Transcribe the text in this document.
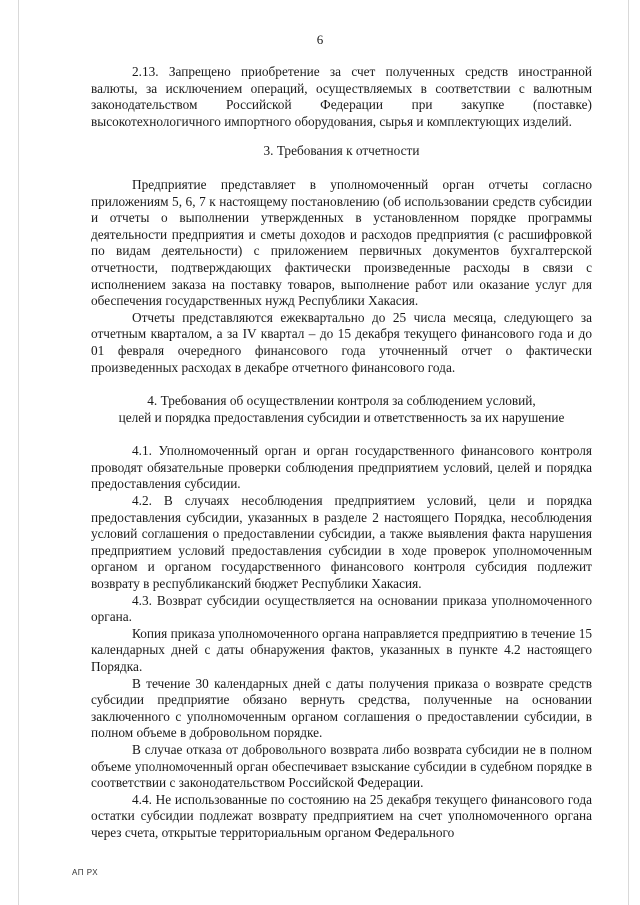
6

2.13. Запрещено приобретение за счет полученных средств иностранной валюты, за исключением операций, осуществляемых в соответствии с валютным законодательством Российской Федерации при закупке (поставке) высокотехнологичного импортного оборудования, сырья и комплектующих изделий.

3. Требования к отчетности

Предприятие представляет в уполномоченный орган отчеты согласно приложениям 5, 6, 7 к настоящему постановлению (об использовании средств субсидии и отчеты о выполнении утвержденных в установленном порядке программы деятельности предприятия и сметы доходов и расходов предприятия (с расшифровкой по видам деятельности) с приложением первичных документов бухгалтерской отчетности, подтверждающих фактически произведенные расходы в связи с исполнением заказа на поставку товаров, выполнение работ или оказание услуг для обеспечения государственных нужд Республики Хакасия.

Отчеты представляются ежеквартально до 25 числа месяца, следующего за отчетным кварталом, а за IV квартал – до 15 декабря текущего финансового года и до 01 февраля очередного финансового года уточненный отчет о фактически произведенных расходах в декабре отчетного финансового года.

4. Требования об осуществлении контроля за соблюдением условий,
целей и порядка предоставления субсидии и ответственность за их нарушение

4.1. Уполномоченный орган и орган государственного финансового контроля проводят обязательные проверки соблюдения предприятием условий, целей и порядка предоставления субсидии.

4.2. В случаях несоблюдения предприятием условий, цели и порядка предоставления субсидии, указанных в разделе 2 настоящего Порядка, несоблюдения условий соглашения о предоставлении субсидии, а также выявления факта нарушения предприятием условий предоставления субсидии в ходе проверок уполномоченным органом и органом государственного финансового контроля субсидия подлежит возврату в республиканский бюджет Республики Хакасия.

4.3. Возврат субсидии осуществляется на основании приказа уполномоченного органа.

Копия приказа уполномоченного органа направляется предприятию в течение 15 календарных дней с даты обнаружения фактов, указанных в пункте 4.2 настоящего Порядка.

В течение 30 календарных дней с даты получения приказа о возврате средств субсидии предприятие обязано вернуть средства, полученные на основании заключенного с уполномоченным органом соглашения о предоставлении субсидии, в полном объеме в добровольном порядке.

В случае отказа от добровольного возврата либо возврата субсидии не в полном объеме уполномоченный орган обеспечивает взыскание субсидии в судебном порядке в соответствии с законодательством Российской Федерации.

4.4. Не использованные по состоянию на 25 декабря текущего финансового года остатки субсидии подлежат возврату предприятием на счет уполномоченного органа через счета, открытые территориальным органом Федерального

АП РХ
